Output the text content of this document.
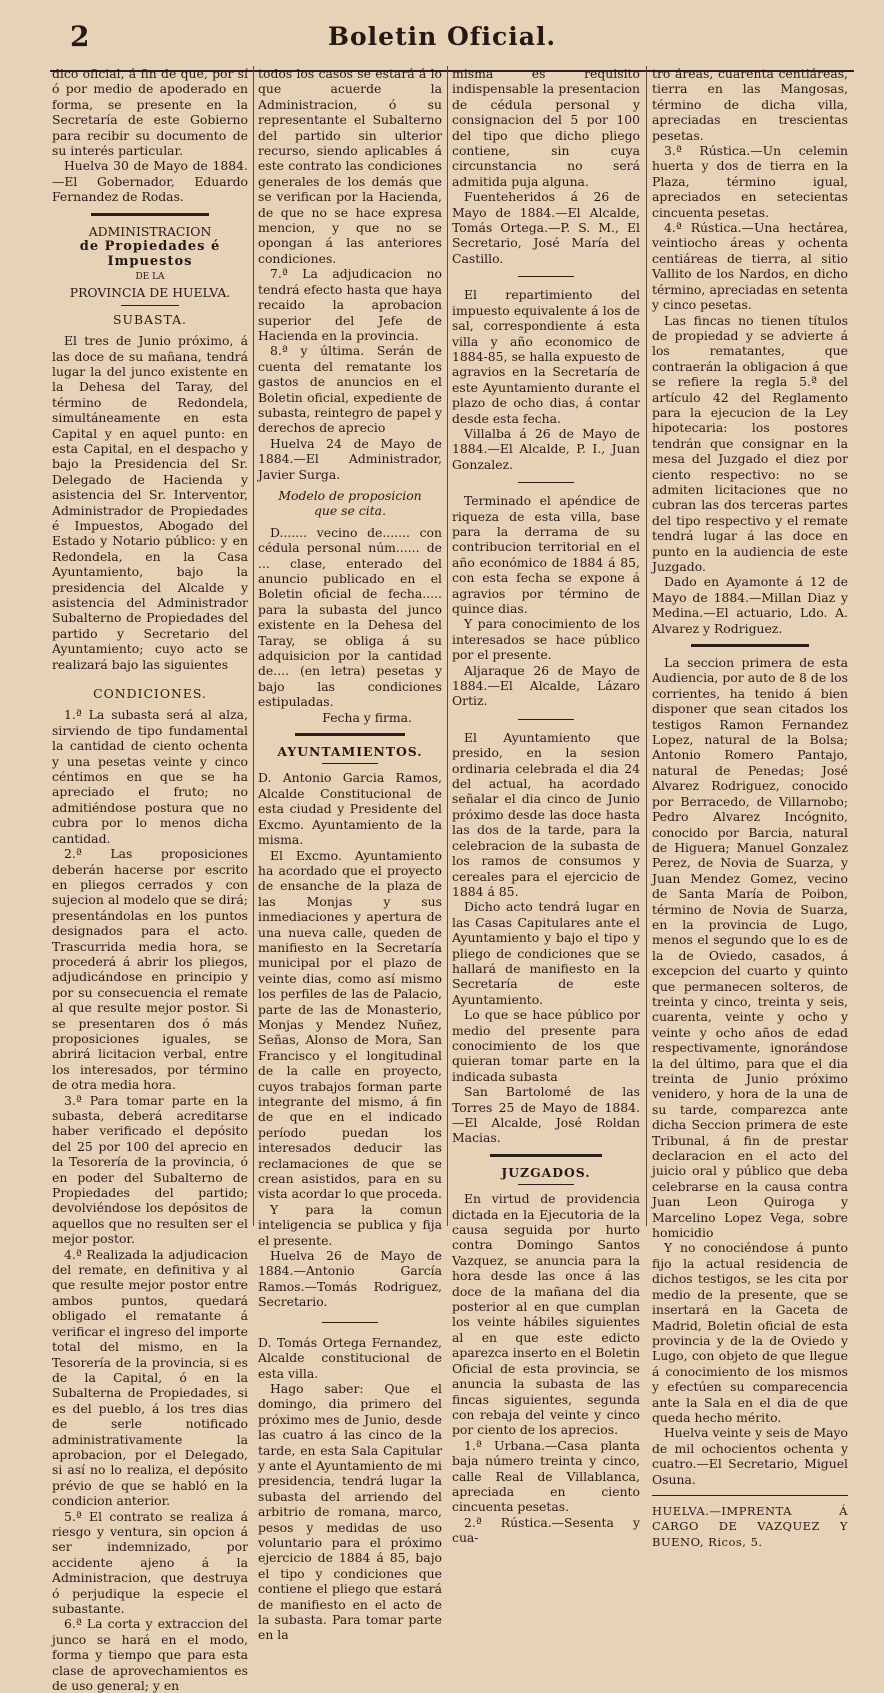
2	Boletin Oficial.

dico oficial, á fin de que, por sí ó por medio de apoderado en forma, se presente en la Secretaría de este Gobierno para recibir su documento de su interés particular.

Huelva 30 de Mayo de 1884.—El Gobernador, Eduardo Fernandez de Rodas.

ADMINISTRACION

de Propiedades é Impuestos

DE LA

PROVINCIA DE HUELVA.

SUBASTA.

El tres de Junio próximo, á las doce de su mañana, tendrá lugar la del junco existente en la Dehesa del Taray, del término de Redondela, simultáneamente en esta Capital y en aquel punto: en esta Capital, en el despacho y bajo la Presidencia del Sr. Delegado de Hacienda y asistencia del Sr. Interventor, Administrador de Propiedades é Impuestos, Abogado del Estado y Notario público: y en Redondela, en la Casa Ayuntamiento, bajo la presidencia del Alcalde y asistencia del Administrador Subalterno de Propiedades del partido y Secretario del Ayuntamiento; cuyo acto se realizará bajo las siguientes

CONDICIONES.

1.ª La subasta será al alza, sirviendo de tipo fundamental la cantidad de ciento ochenta y una pesetas veinte y cinco céntimos en que se ha apreciado el fruto; no admitiéndose postura que no cubra por lo menos dicha cantidad.

2.ª Las proposiciones deberán hacerse por escrito en pliegos cerrados y con sujecion al modelo que se dirá; presentándolas en los puntos designados para el acto. Trascurrida media hora, se procederá á abrir los pliegos, adjudicándose en principio y por su consecuencia el remate al que resulte mejor postor. Si se presentaren dos ó más proposiciones iguales, se abrirá licitacion verbal, entre los interesados, por término de otra media hora.

3.ª Para tomar parte en la subasta, deberá acreditarse haber verificado el depósito del 25 por 100 del aprecio en la Tesorería de la provincia, ó en poder del Subalterno de Propiedades del partido; devolviéndose los depósitos de aquellos que no resulten ser el mejor postor.

4.ª Realizada la adjudicacion del remate, en definitiva y al que resulte mejor postor entre ambos puntos, quedará obligado el rematante á verificar el ingreso del importe total del mismo, en la Tesorería de la provincia, si es de la Capital, ó en la Subalterna de Propiedades, si es del pueblo, á los tres dias de serle notificado administrativamente la aprobacion, por el Delegado, si así no lo realiza, el depósito prévio de que se habló en la condicion anterior.

5.ª El contrato se realiza á riesgo y ventura, sin opcion á ser indemnizado, por accidente ajeno á la Administracion, que destruya ó perjudique la especie el subastante.

6.ª La corta y extraccion del junco se hará en el modo, forma y tiempo que para esta clase de aprovechamientos es de uso general; y en

todos los casos se estará á lo que acuerde la Administracion, ó su representante el Subalterno del partido sin ulterior recurso, siendo aplicables á este contrato las condiciones generales de los demás que se verifican por la Hacienda, de que no se hace expresa mencion, y que no se opongan á las anteriores condiciones.

7.ª La adjudicacion no tendrá efecto hasta que haya recaido la aprobacion superior del Jefe de Hacienda en la provincia.

8.ª y última. Serán de cuenta del rematante los gastos de anuncios en el Boletin oficial, expediente de subasta, reintegro de papel y derechos de aprecio

Huelva 24 de Mayo de 1884.—El Administrador, Javier Surga.

Modelo de proposicion

que se cita.

D....... vecino de....... con cédula personal núm...... de ... clase, enterado del anuncio publicado en el Boletin oficial de fecha..... para la subasta del junco existente en la Dehesa del Taray, se obliga á su adquisicion por la cantidad de.... (en letra) pesetas y bajo las condiciones estipuladas.

Fecha y firma.

AYUNTAMIENTOS.

D. Antonio Garcia Ramos, Alcalde Constitucional de esta ciudad y Presidente del Excmo. Ayuntamiento de la misma.

El Excmo. Ayuntamiento ha acordado que el proyecto de ensanche de la plaza de las Monjas y sus inmediaciones y apertura de una nueva calle, queden de manifiesto en la Secretaría municipal por el plazo de veinte dias, como así mismo los perfiles de las de Palacio, parte de las de Monasterio, Monjas y Mendez Nuñez, Señas, Alonso de Mora, San Francisco y el longitudinal de la calle en proyecto, cuyos trabajos forman parte integrante del mismo, á fin de que en el indicado período puedan los interesados deducir las reclamaciones de que se crean asistidos, para en su vista acordar lo que proceda.

Y para la comun inteligencia se publica y fija el presente.

Huelva 26 de Mayo de 1884.—Antonio García Ramos.—Tomás Rodriguez, Secretario.

D. Tomás Ortega Fernandez, Alcalde constitucional de esta villa.

Hago saber: Que el domingo, dia primero del próximo mes de Junio, desde las cuatro á las cinco de la tarde, en esta Sala Capitular y ante el Ayuntamiento de mi presidencia, tendrá lugar la subasta del arriendo del arbitrio de romana, marco, pesos y medidas de uso voluntario para el próximo ejercicio de 1884 á 85, bajo el tipo y condiciones que contiene el pliego que estará de manifiesto en el acto de la subasta. Para tomar parte en la

misma es requisito indispensable la presentacion de cédula personal y consignacion del 5 por 100 del tipo que dicho pliego contiene, sin cuya circunstancia no será admitida puja alguna.

Fuenteheridos á 26 de Mayo de 1884.—El Alcalde, Tomás Ortega.—P. S. M., El Secretario, José María del Castillo.

El repartimiento del impuesto equivalente á los de sal, correspondiente á esta villa y año economico de 1884-85, se halla expuesto de agravios en la Secretaría de este Ayuntamiento durante el plazo de ocho dias, á contar desde esta fecha.

Villalba á 26 de Mayo de 1884.—El Alcalde, P. I., Juan Gonzalez.

Terminado el apéndice de riqueza de esta villa, base para la derrama de su contribucion territorial en el año económico de 1884 á 85, con esta fecha se expone á agravios por término de quince dias.

Y para conocimiento de los interesados se hace público por el presente.

Aljaraque 26 de Mayo de 1884.—El Alcalde, Lázaro Ortiz.

El Ayuntamiento que presido, en la sesion ordinaria celebrada el dia 24 del actual, ha acordado señalar el dia cinco de Junio próximo desde las doce hasta las dos de la tarde, para la celebracion de la subasta de los ramos de consumos y cereales para el ejercicio de 1884 á 85.

Dicho acto tendrá lugar en las Casas Capitulares ante el Ayuntamiento y bajo el tipo y pliego de condiciones que se hallará de manifiesto en la Secretaría de este Ayuntamiento.

Lo que se hace público por medio del presente para conocimiento de los que quieran tomar parte en la indicada subasta

San Bartolomé de las Torres 25 de Mayo de 1884.—El Alcalde, José Roldan Macias.

JUZGADOS.

En virtud de providencia dictada en la Ejecutoria de la causa seguida por hurto contra Domingo Santos Vazquez, se anuncia para la hora desde las once á las doce de la mañana del dia posterior al en que cumplan los veinte hábiles siguientes al en que este edicto aparezca inserto en el Boletin Oficial de esta provincia, se anuncia la subasta de las fincas siguientes, segunda con rebaja del veinte y cinco por ciento de los aprecios.

1.ª Urbana.—Casa planta baja número treinta y cinco, calle Real de Villablanca, apreciada en ciento cincuenta pesetas.

2.ª Rústica.—Sesenta y cua-

tro áreas, cuarenta centiáreas, tierra en las Mangosas, término de dicha villa, apreciadas en trescientas pesetas.

3.ª Rústica.—Un celemin huerta y dos de tierra en la Plaza, término igual, apreciados en setecientas cincuenta pesetas.

4.ª Rústica.—Una hectárea, veintiocho áreas y ochenta centiáreas de tierra, al sitio Vallito de los Nardos, en dicho término, apreciadas en setenta y cinco pesetas.

Las fincas no tienen títulos de propiedad y se advierte á los rematantes, que contraerán la obligacion á que se refiere la regla 5.ª del artículo 42 del Reglamento para la ejecucion de la Ley hipotecaria: los postores tendrán que consignar en la mesa del Juzgado el diez por ciento respectivo: no se admiten licitaciones que no cubran las dos terceras partes del tipo respectivo y el remate tendrá lugar á las doce en punto en la audiencia de este Juzgado.

Dado en Ayamonte á 12 de Mayo de 1884.—Millan Diaz y Medina.—El actuario, Ldo. A. Alvarez y Rodriguez.

La seccion primera de esta Audiencia, por auto de 8 de los corrientes, ha tenido á bien disponer que sean citados los testigos Ramon Fernandez Lopez, natural de la Bolsa; Antonio Romero Pantajo, natural de Penedas; José Alvarez Rodriguez, conocido por Berracedo, de Villarnobo; Pedro Alvarez Incógnito, conocido por Barcia, natural de Higuera; Manuel Gonzalez Perez, de Novia de Suarza, y Juan Mendez Gomez, vecino de Santa María de Poibon, término de Novia de Suarza, en la provincia de Lugo, menos el segundo que lo es de la de Oviedo, casados, á excepcion del cuarto y quinto que permanecen solteros, de treinta y cinco, treinta y seis, cuarenta, veinte y ocho y veinte y ocho años de edad respectivamente, ignorándose la del último, para que el dia treinta de Junio próximo venidero, y hora de la una de su tarde, comparezca ante dicha Seccion primera de este Tribunal, á fin de prestar declaracion en el acto del juicio oral y público que deba celebrarse en la causa contra Juan Leon Quiroga y Marcelino Lopez Vega, sobre homicidio

Y no conociéndose á punto fijo la actual residencia de dichos testigos, se les cita por medio de la presente, que se insertará en la Gaceta de Madrid, Boletin oficial de esta provincia y de la de Oviedo y Lugo, con objeto de que llegue á conocimiento de los mismos y efectúen su comparecencia ante la Sala en el dia de que queda hecho mérito.

Huelva veinte y seis de Mayo de mil ochocientos ochenta y cuatro.—El Secretario, Miguel Osuna.

HUELVA.—IMPRENTA Á CARGO DE VAZQUEZ Y BUENO, Ricos, 5.
